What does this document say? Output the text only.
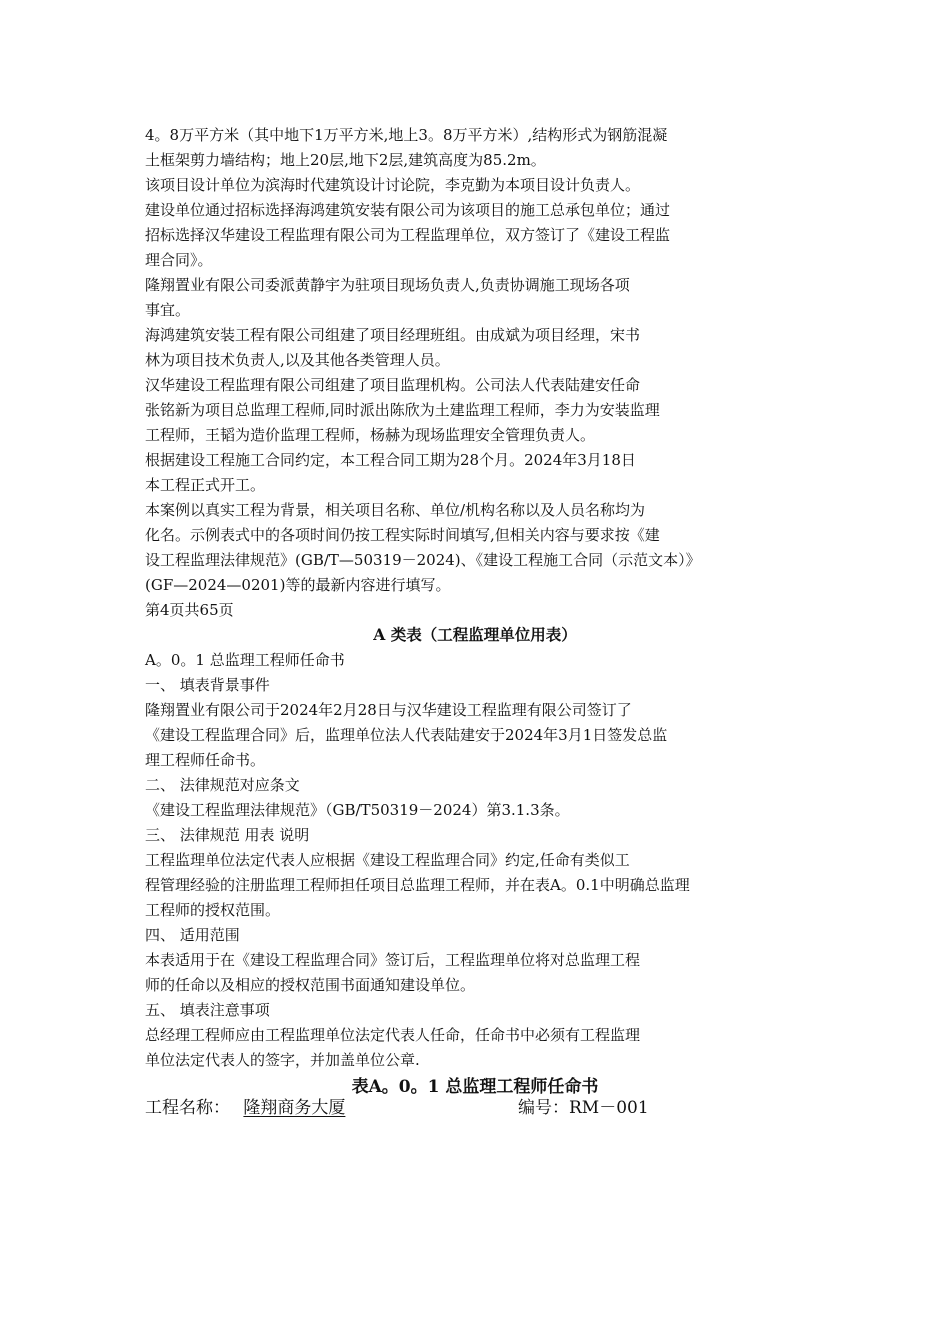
4。8万平方米（其中地下1万平方米,地上3。8万平方米）,结构形式为钢筋混凝
土框架剪力墙结构；地上20层,地下2层,建筑高度为85.2m。
该项目设计单位为滨海时代建筑设计讨论院，李克勤为本项目设计负责人。
建设单位通过招标选择海鸿建筑安装有限公司为该项目的施工总承包单位；通过
招标选择汉华建设工程监理有限公司为工程监理单位，双方签订了《建设工程监
理合同》。
隆翔置业有限公司委派黄静宇为驻项目现场负责人,负责协调施工现场各项
事宜。
海鸿建筑安装工程有限公司组建了项目经理班组。由成斌为项目经理，宋书
林为项目技术负责人,以及其他各类管理人员。
汉华建设工程监理有限公司组建了项目监理机构。公司法人代表陆建安任命
张铭新为项目总监理工程师,同时派出陈欣为土建监理工程师，李力为安装监理
工程师，王韬为造价监理工程师，杨赫为现场监理安全管理负责人。
根据建设工程施工合同约定，本工程合同工期为28个月。2024年3月18日
本工程正式开工。
本案例以真实工程为背景，相关项目名称、单位/机构名称以及人员名称均为
化名。示例表式中的各项时间仍按工程实际时间填写,但相关内容与要求按《建
设工程监理法律规范》(GB/T—50319－2024)、《建设工程施工合同（示范文本）》
(GF—2024—0201)等的最新内容进行填写。
第4页共65页
A 类表（工程监理单位用表）
A。0。1 总监理工程师任命书
一、 填表背景事件
隆翔置业有限公司于2024年2月28日与汉华建设工程监理有限公司签订了
《建设工程监理合同》后，监理单位法人代表陆建安于2024年3月1日签发总监
理工程师任命书。
二、 法律规范对应条文
《建设工程监理法律规范》（GB/T50319－2024）第3.1.3条。
三、 法律规范 用表 说明
工程监理单位法定代表人应根据《建设工程监理合同》约定,任命有类似工
程管理经验的注册监理工程师担任项目总监理工程师，并在表A。0.1中明确总监理
工程师的授权范围。
四、 适用范围
本表适用于在《建设工程监理合同》签订后，工程监理单位将对总监理工程
师的任命以及相应的授权范围书面通知建设单位。
五、 填表注意事项
总经理工程师应由工程监理单位法定代表人任命，任命书中必须有工程监理
单位法定代表人的签字，并加盖单位公章.
表A。0。1 总监理工程师任命书
工程名称： 隆翔商务大厦	编号：RM－001
